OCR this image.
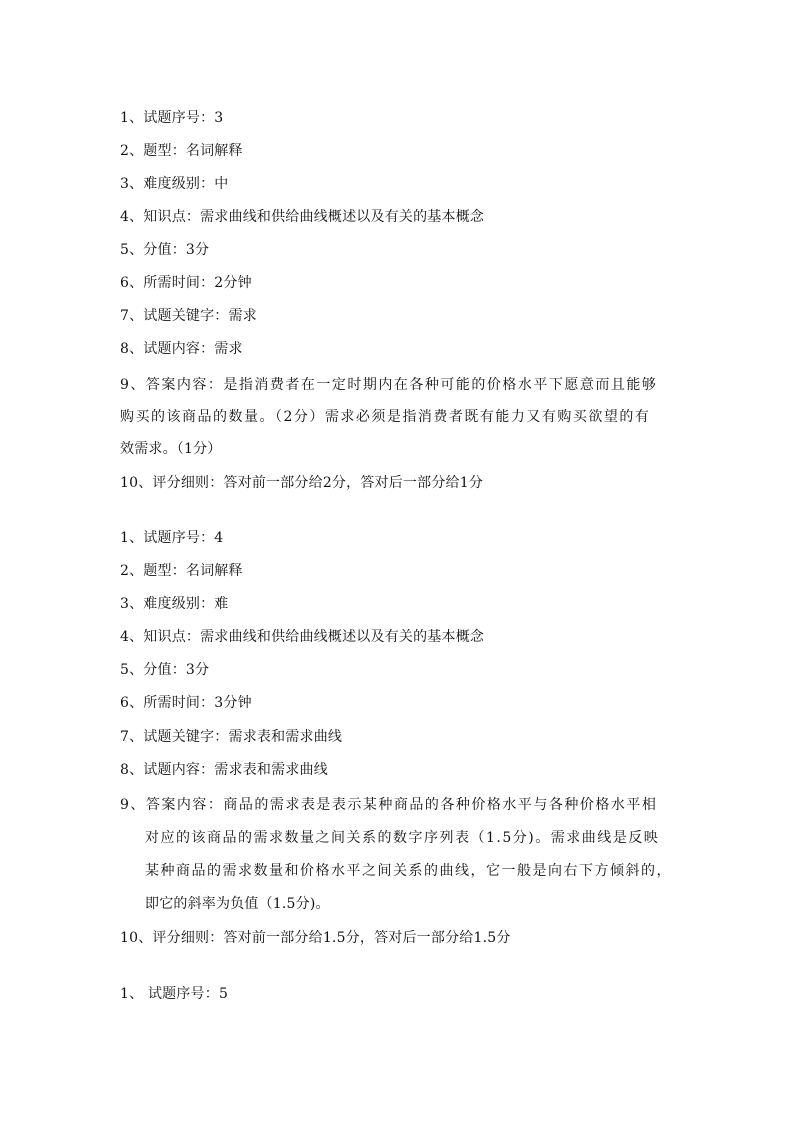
1、试题序号：3
2、题型：名词解释
3、难度级别：中
4、知识点：需求曲线和供给曲线概述以及有关的基本概念
5、分值：3分
6、所需时间：2分钟
7、试题关键字：需求
8、试题内容：需求
9、答案内容：是指消费者在一定时期内在各种可能的价格水平下愿意而且能够
购买的该商品的数量。（2分）需求必须是指消费者既有能力又有购买欲望的有
效需求。（1分）
10、评分细则：答对前一部分给2分，答对后一部分给1分
1、试题序号：4
2、题型：名词解释
3、难度级别：难
4、知识点：需求曲线和供给曲线概述以及有关的基本概念
5、分值：3分
6、所需时间：3分钟
7、试题关键字：需求表和需求曲线
8、试题内容：需求表和需求曲线
9、答案内容：商品的需求表是表示某种商品的各种价格水平与各种价格水平相
对应的该商品的需求数量之间关系的数字序列表（1.5分)。需求曲线是反映
某种商品的需求数量和价格水平之间关系的曲线，它一般是向右下方倾斜的，
即它的斜率为负值（1.5分)。
10、评分细则：答对前一部分给1.5分，答对后一部分给1.5分
1、 试题序号：5
